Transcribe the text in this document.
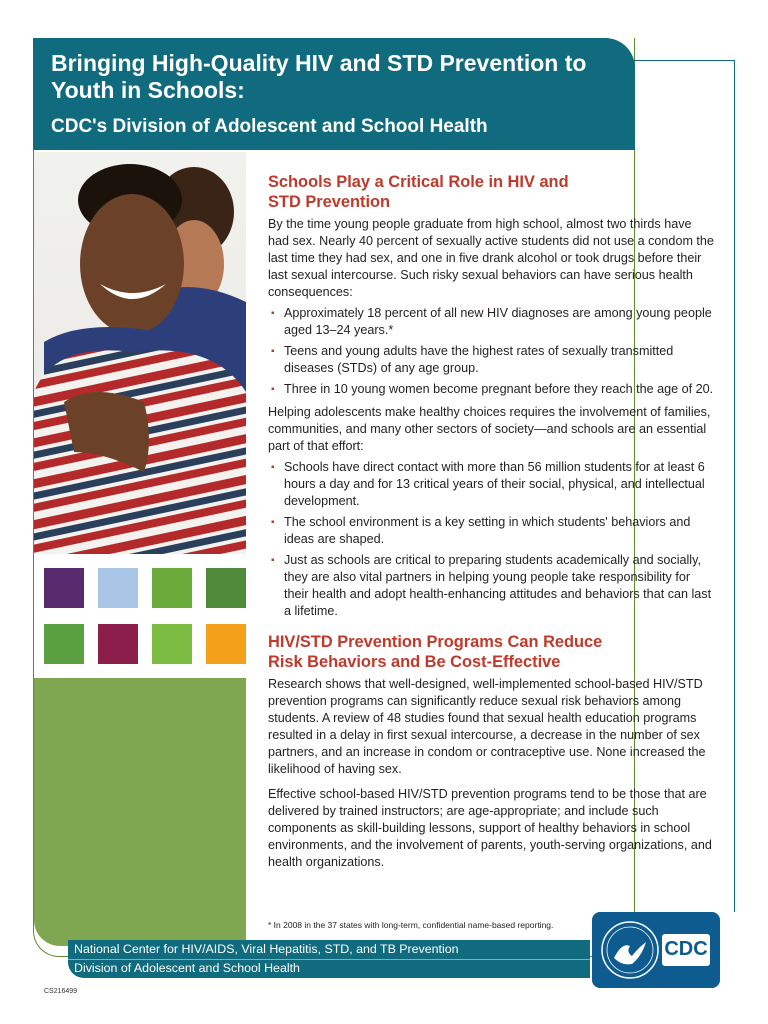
Bringing High-Quality HIV and STD Prevention to Youth in Schools:
CDC's Division of Adolescent and School Health
Schools Play a Critical Role in HIV and STD Prevention

By the time young people graduate from high school, almost two thirds have had sex. Nearly 40 percent of sexually active students did not use a condom the last time they had sex, and one in five drank alcohol or took drugs before their last sexual intercourse. Such risky sexual behaviors can have serious health consequences:

▪ Approximately 18 percent of all new HIV diagnoses are among young people aged 13–24 years.*
▪ Teens and young adults have the highest rates of sexually transmitted diseases (STDs) of any age group.
▪ Three in 10 young women become pregnant before they reach the age of 20.

Helping adolescents make healthy choices requires the involvement of families, communities, and many other sectors of society—and schools are an essential part of that effort:

▪ Schools have direct contact with more than 56 million students for at least 6 hours a day and for 13 critical years of their social, physical, and intellectual development.
▪ The school environment is a key setting in which students' behaviors and ideas are shaped.
▪ Just as schools are critical to preparing students academically and socially, they are also vital partners in helping young people take responsibility for their health and adopt health-enhancing attitudes and behaviors that can last a lifetime.
HIV/STD Prevention Programs Can Reduce Risk Behaviors and Be Cost-Effective

Research shows that well-designed, well-implemented school-based HIV/STD prevention programs can significantly reduce sexual risk behaviors among students. A review of 48 studies found that sexual health education programs resulted in a delay in first sexual intercourse, a decrease in the number of sex partners, and an increase in condom or contraceptive use. None increased the likelihood of having sex.

Effective school-based HIV/STD prevention programs tend to be those that are delivered by trained instructors; are age-appropriate; and include such components as skill-building lessons, support of healthy behaviors in school environments, and the involvement of parents, youth-serving organizations, and health organizations.

* In 2008 in the 37 states with long-term, confidential name-based reporting.
National Center for HIV/AIDS, Viral Hepatitis, STD, and TB Prevention
Division of Adolescent and School Health
CDC
CS216499
